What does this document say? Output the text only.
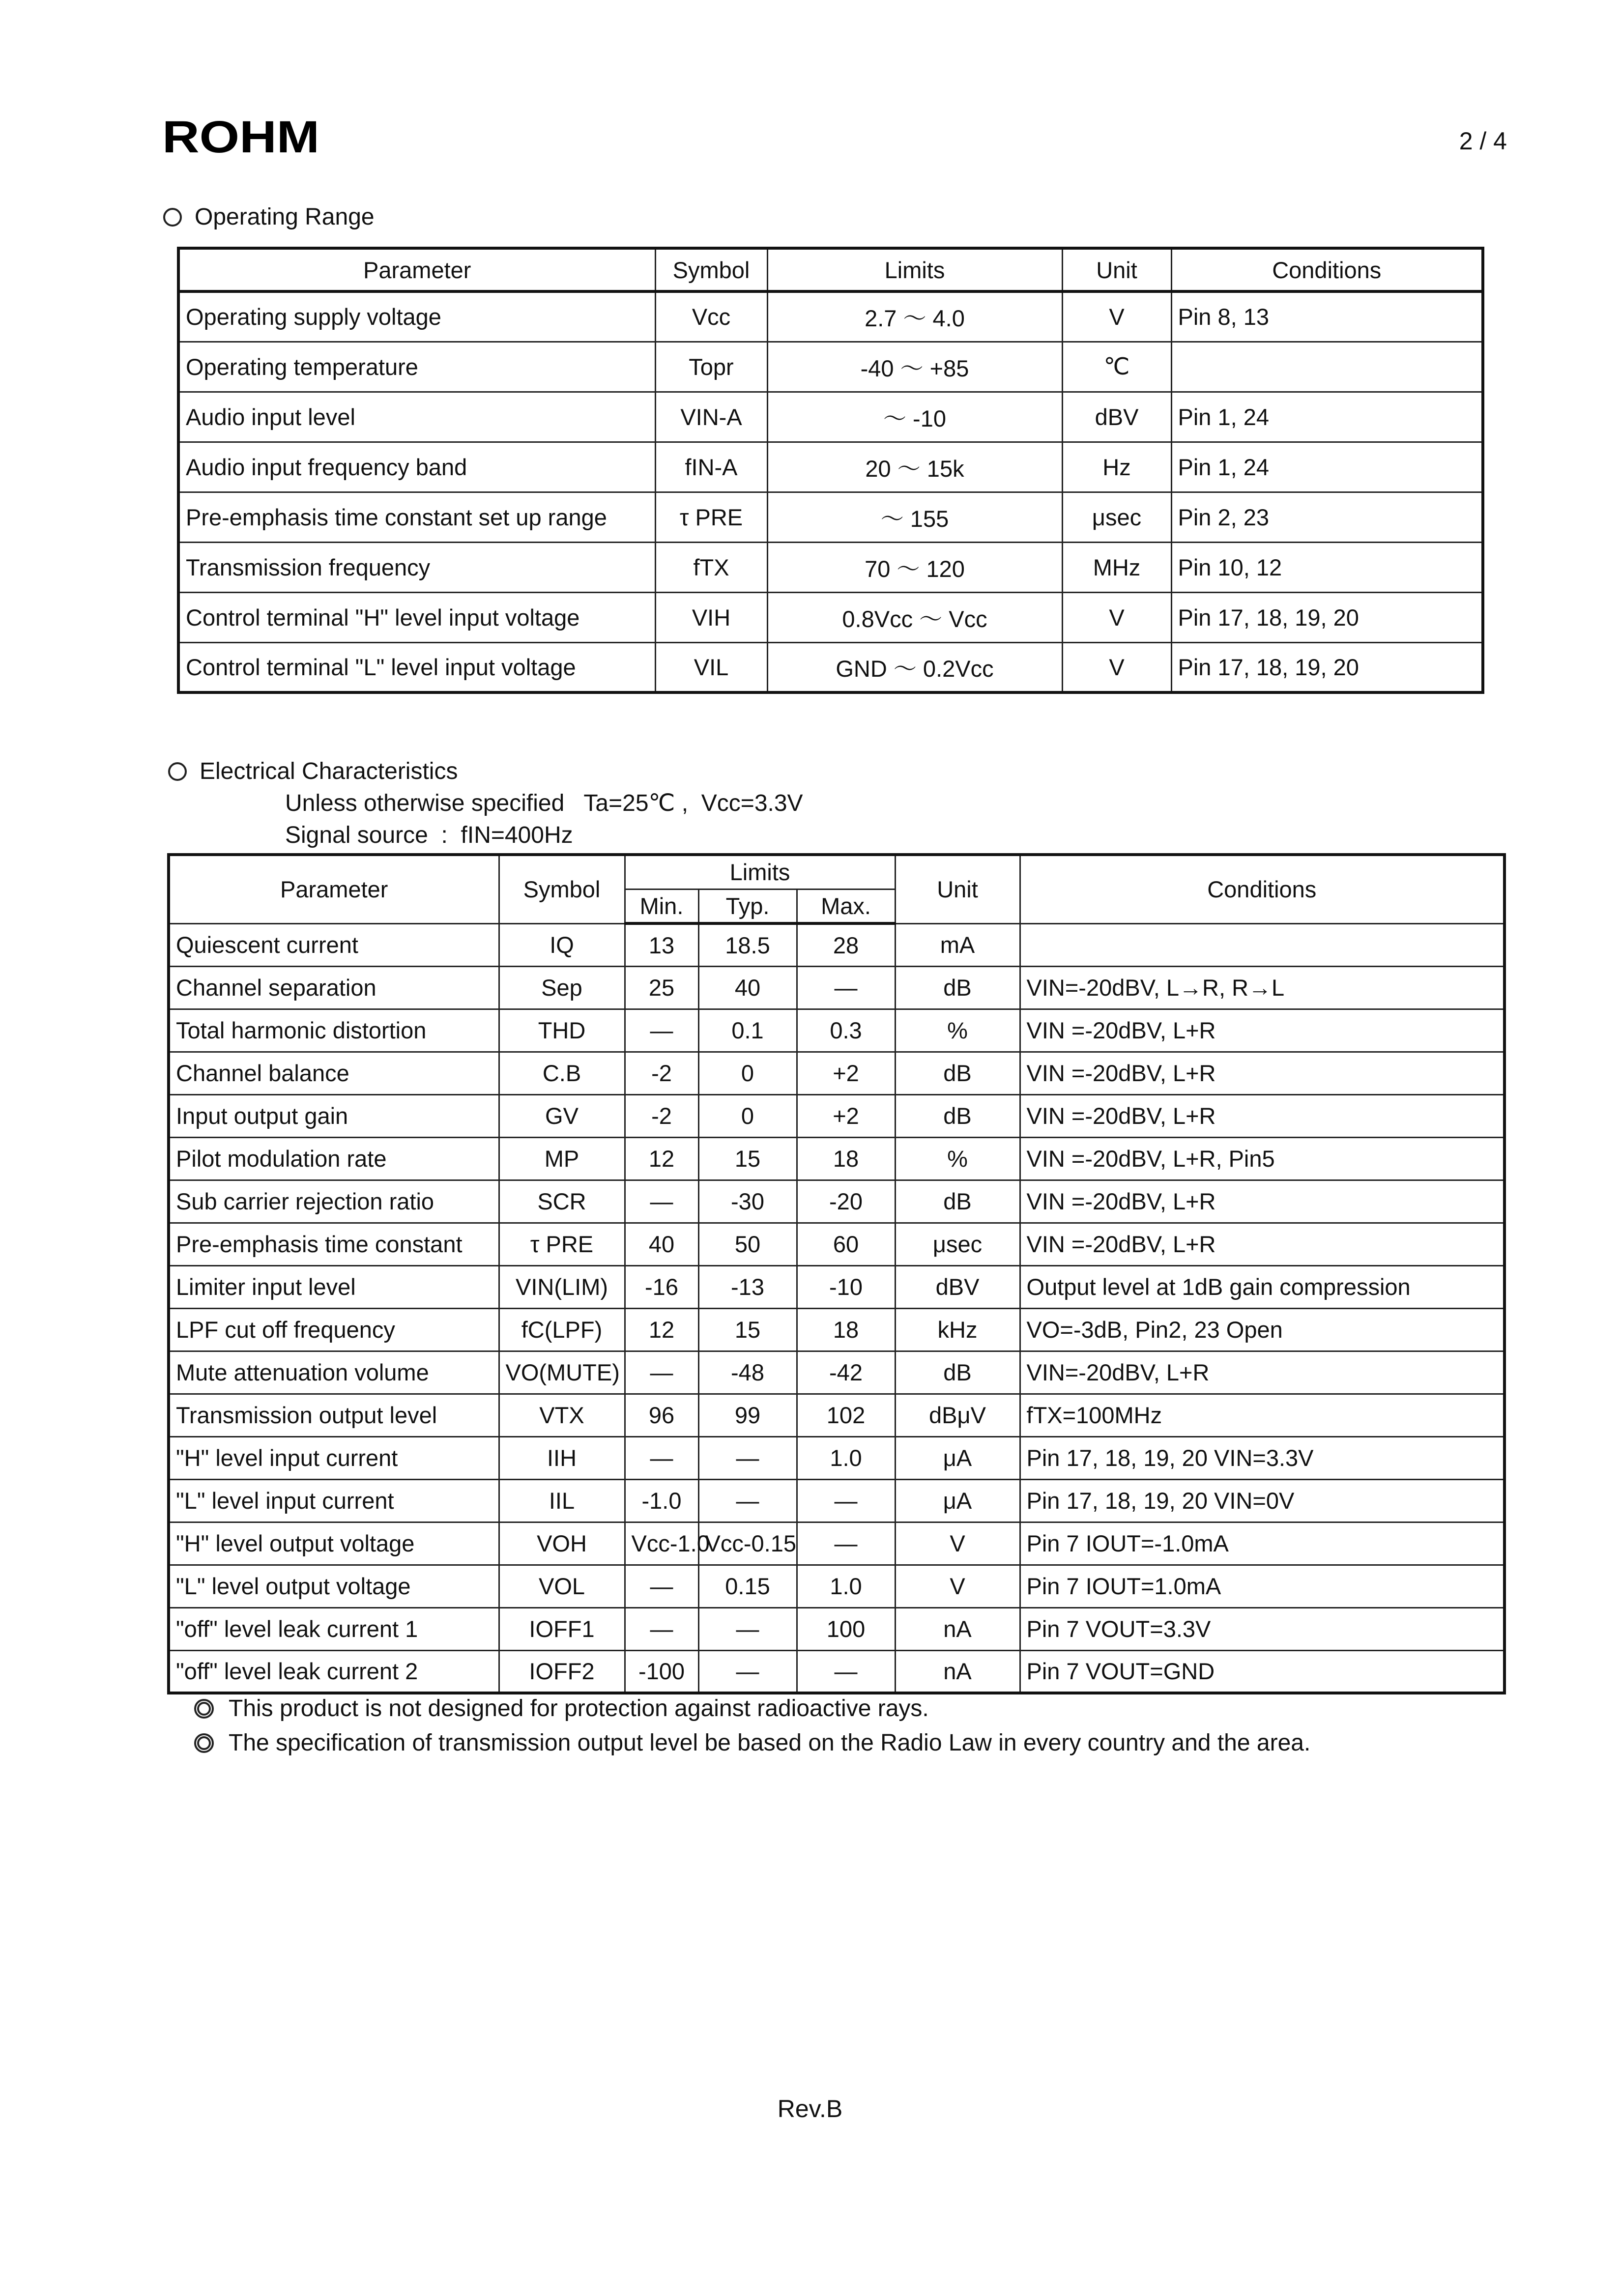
ROHM	2 / 4
Operating Range
Parameter	Symbol	Limits	Unit	Conditions
Operating supply voltage	Vcc	2.7 ～ 4.0	V	Pin 8, 13
Operating temperature	Topr	-40 ～ +85	℃	
Audio input level	VIN-A	～ -10	dBV	Pin 1, 24
Audio input frequency band	fIN-A	20 ～ 15k	Hz	Pin 1, 24
Pre-emphasis time constant set up range	τ PRE	～ 155	μsec	Pin 2, 23
Transmission frequency	fTX	70 ～ 120	MHz	Pin 10, 12
Control terminal "H" level input voltage	VIH	0.8Vcc ～ Vcc	V	Pin 17, 18, 19, 20
Control terminal "L" level input voltage	VIL	GND ～ 0.2Vcc	V	Pin 17, 18, 19, 20
Electrical Characteristics
Unless otherwise specified   Ta=25℃ ,  Vcc=3.3V
Signal source  :  fIN=400Hz
Parameter	Symbol	Limits			Unit	Conditions
		Min.	Typ.	Max.		
Quiescent current	IQ	13	18.5	28	mA	
Channel separation	Sep	25	40	—	dB	VIN=-20dBV, L→R, R→L
Total harmonic distortion	THD	—	0.1	0.3	%	VIN =-20dBV, L+R
Channel balance	C.B	-2	0	+2	dB	VIN =-20dBV, L+R
Input output gain	GV	-2	0	+2	dB	VIN =-20dBV, L+R
Pilot modulation rate	MP	12	15	18	%	VIN =-20dBV, L+R, Pin5
Sub carrier rejection ratio	SCR	—	-30	-20	dB	VIN =-20dBV, L+R
Pre-emphasis time constant	τ PRE	40	50	60	μsec	VIN =-20dBV, L+R
Limiter input level	VIN(LIM)	-16	-13	-10	dBV	Output level at 1dB gain compression
LPF cut off frequency	fC(LPF)	12	15	18	kHz	VO=-3dB, Pin2, 23 Open
Mute attenuation volume	VO(MUTE)	—	-48	-42	dB	VIN=-20dBV, L+R
Transmission output level	VTX	96	99	102	dBμV	fTX=100MHz
"H" level input current	IIH	—	—	1.0	μA	Pin 17, 18, 19, 20 VIN=3.3V
"L" level input current	IIL	-1.0	—	—	μA	Pin 17, 18, 19, 20 VIN=0V
"H" level output voltage	VOH	Vcc-1.0	Vcc-0.15	—	V	Pin 7 IOUT=-1.0mA
"L" level output voltage	VOL	—	0.15	1.0	V	Pin 7 IOUT=1.0mA
"off" level leak current 1	IOFF1	—	—	100	nA	Pin 7 VOUT=3.3V
"off" level leak current 2	IOFF2	-100	—	—	nA	Pin 7 VOUT=GND
This product is not designed for protection against radioactive rays.
The specification of transmission output level be based on the Radio Law in every country and the area.
Rev.B
